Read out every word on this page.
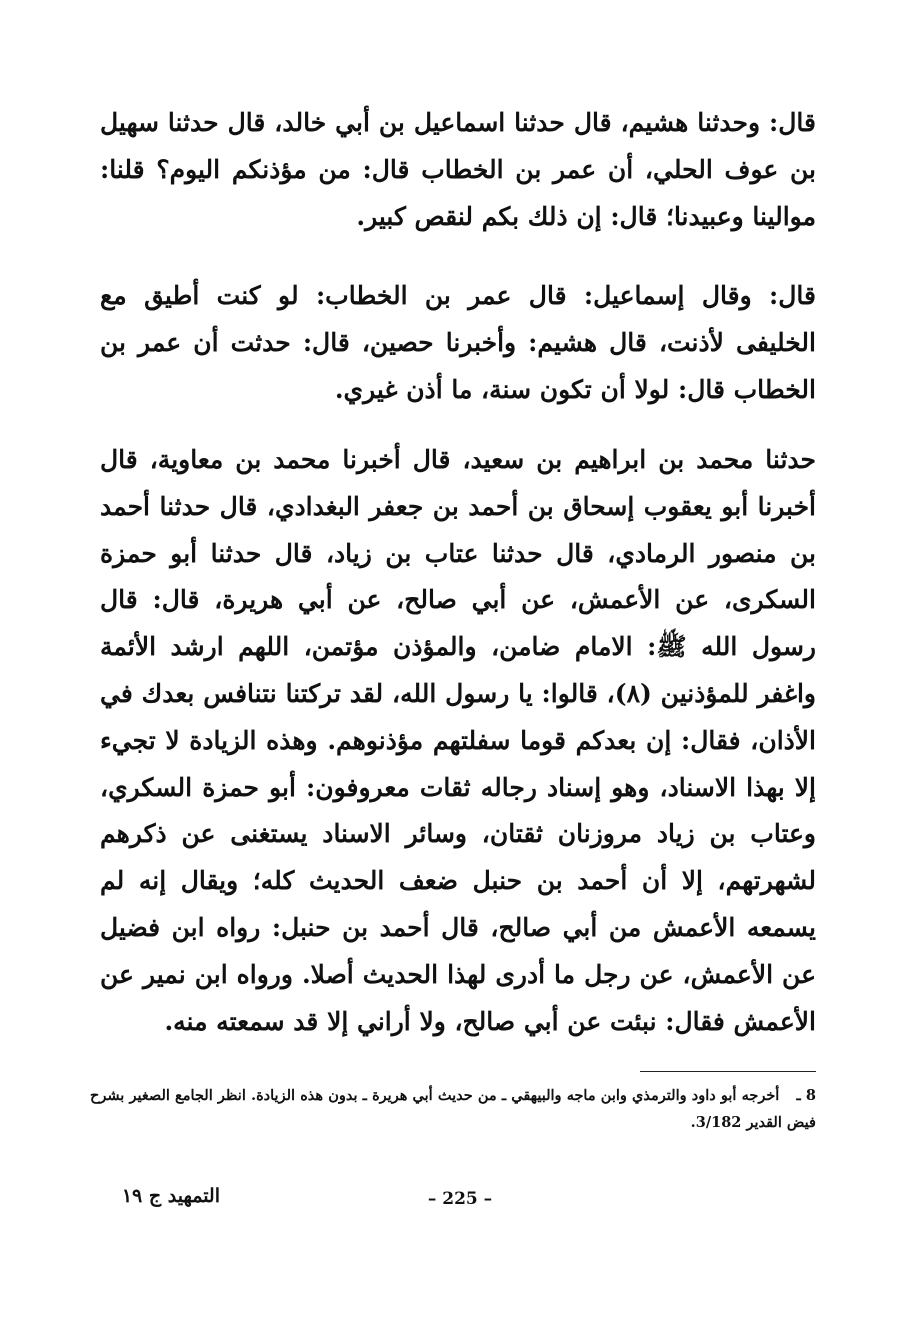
قال: وحدثنا هشيم، قال حدثنا اسماعيل بن أبي خالد، قال حدثنا سهيل بن عوف الحلي، أن عمر بن الخطاب قال: من مؤذنكم اليوم؟ قلنا: موالينا وعبيدنا؛ قال: إن ذلك بكم لنقص كبير.

قال: وقال إسماعيل: قال عمر بن الخطاب: لو كنت أطيق مع الخليفى لأذنت، قال هشيم: وأخبرنا حصين، قال: حدثت أن عمر بن الخطاب قال: لولا أن تكون سنة، ما أذن غيري.

حدثنا محمد بن ابراهيم بن سعيد، قال أخبرنا محمد بن معاوية، قال أخبرنا أبو يعقوب إسحاق بن أحمد بن جعفر البغدادي، قال حدثنا أحمد بن منصور الرمادي، قال حدثنا عتاب بن زياد، قال حدثنا أبو حمزة السكرى، عن الأعمش، عن أبي صالح، عن أبي هريرة، قال: قال رسول الله ﷺ: الامام ضامن، والمؤذن مؤتمن، اللهم ارشد الأئمة واغفر للمؤذنين (٨)، قالوا: يا رسول الله، لقد تركتنا نتنافس بعدك في الأذان، فقال: إن بعدكم قوما سفلتهم مؤذنوهم. وهذه الزيادة لا تجيء إلا بهذا الاسناد، وهو إسناد رجاله ثقات معروفون: أبو حمزة السكري، وعتاب بن زياد مروزنان ثقتان، وسائر الاسناد يستغنى عن ذكرهم لشهرتهم، إلا أن أحمد بن حنبل ضعف الحديث كله؛ ويقال إنه لم يسمعه الأعمش من أبي صالح، قال أحمد بن حنبل: رواه ابن فضيل عن الأعمش، عن رجل ما أدرى لهذا الحديث أصلا. ورواه ابن نمير عن الأعمش فقال: نبئت عن أبي صالح، ولا أراني إلا قد سمعته منه.

8 ـ أخرجه أبو داود والترمذي وابن ماجه والبيهقي ـ من حديث أبي هريرة ـ بدون هذه الزيادة. انظر الجامع الصغير بشرح فيض القدير 3/182.
– 225 –
التمهيد ج ١٩
